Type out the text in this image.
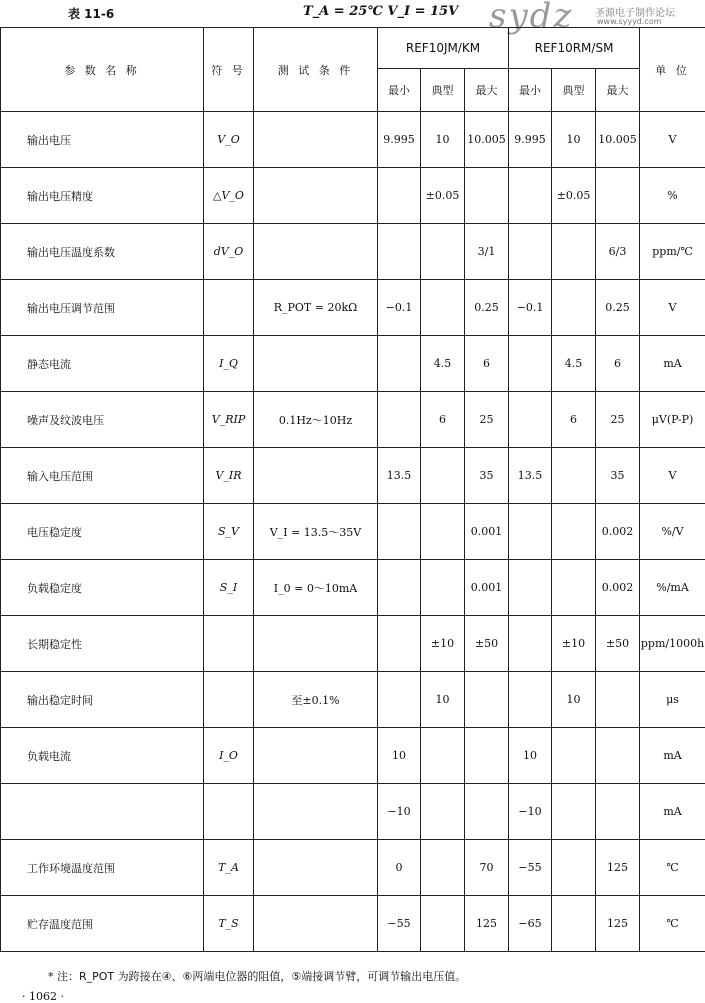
表 11-6	T_A = 25℃ V_I = 15V sydz 圣源电子制作论坛
www.syyyd.com
参 数 名 称	符 号	测 试 条 件	REF10JM/KM			REF10RM/SM			单 位
			最小	典型	最大	最小	典型	最大	
输出电压	V_O		9.995	10	10.005	9.995	10	10.005	V
输出电压精度	△V_O			±0.05			±0.05		%
输出电压温度系数	dV_O				3/1			6/3	ppm/℃
输出电压调节范围		R_POT = 20kΩ	−0.1		0.25	−0.1		0.25	V
静态电流	I_Q			4.5	6		4.5	6	mA
噪声及纹波电压	V_RIP	0.1Hz～10Hz		6	25		6	25	μV(P-P)
输入电压范围	V_IR		13.5		35	13.5		35	V
电压稳定度	S_V	V_I = 13.5～35V			0.001			0.002	%/V
负载稳定度	S_I	I_0 = 0～10mA			0.001			0.002	%/mA
长期稳定性				±10	±50		±10	±50	ppm/1000h
输出稳定时间		至±0.1%		10			10		μs
负载电流	I_O		10			10			mA
			−10			−10			mA
工作环境温度范围	T_A		0		70	−55		125	℃
贮存温度范围	T_S		−55		125	−65		125	℃
* 注：R_POT 为跨接在④、⑥两端电位器的阻值，⑤端接调节臂，可调节输出电压值。
· 1062 ·
